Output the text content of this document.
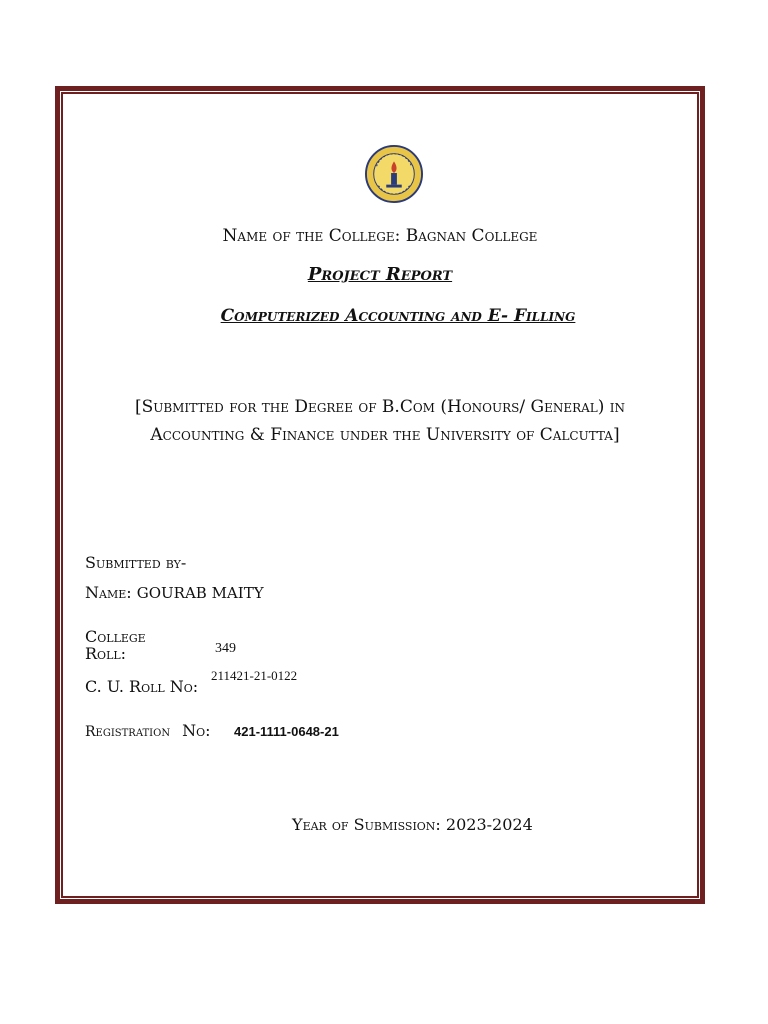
Name of the College: Bagnan College
Project Report
Computerized Accounting and E- Filling
[Submitted for the Degree of B.Com (Honours/ General) in
Accounting & Finance under the University of Calcutta]
Submitted by-
Name: GOURAB MAITY
College Roll:	349
C. U. Roll No:
211421-21-0122
Registration No: 421-1111-0648-21
Year of Submission: 2023-2024
